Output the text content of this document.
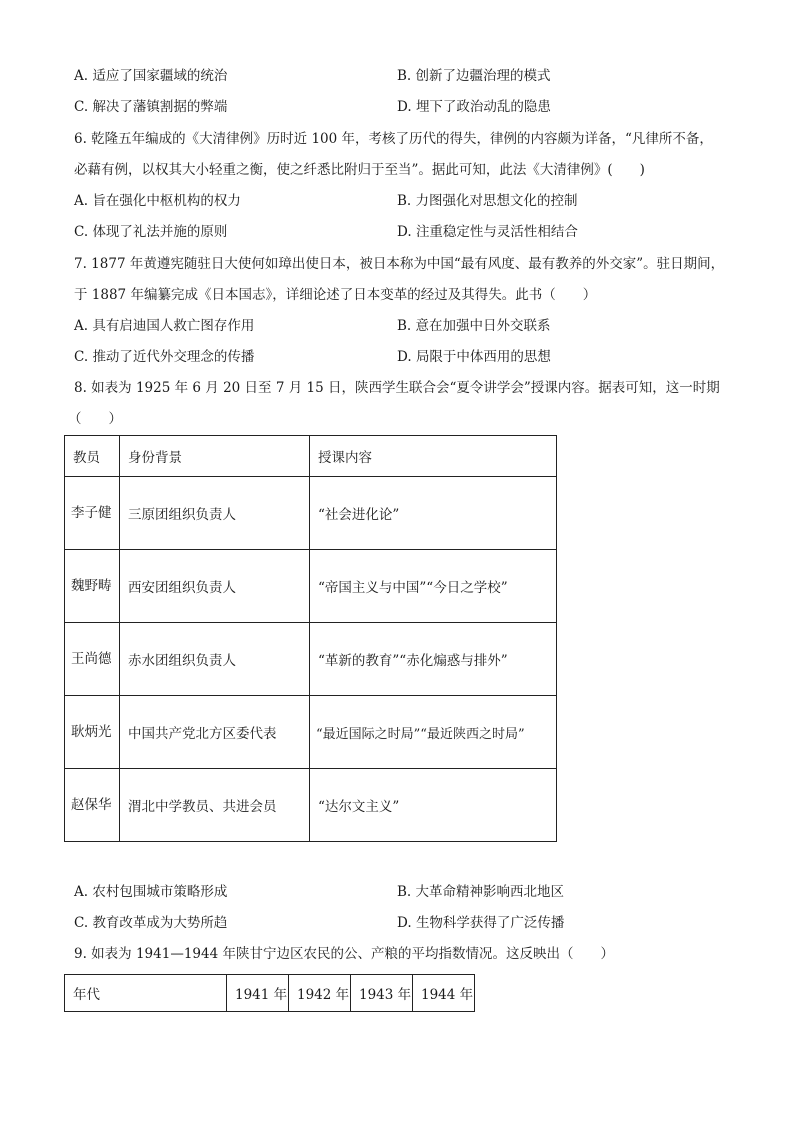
A. 适应了国家疆域的统治	B. 创新了边疆治理的模式
C. 解决了藩镇割据的弊端	D. 埋下了政治动乱的隐患
6. 乾隆五年编成的《大清律例》历时近 100 年，考核了历代的得失，律例的内容颇为详备，“凡律所不备，
必藉有例，以权其大小轻重之衡，使之纤悉比附归于至当”。据此可知，此法《大清律例》(　　)
A. 旨在强化中枢机构的权力	B. 力图强化对思想文化的控制
C. 体现了礼法并施的原则	D. 注重稳定性与灵活性相结合
7. 1877 年黄遵宪随驻日大使何如璋出使日本，被日本称为中国“最有风度、最有教养的外交家”。驻日期间，
于 1887 年编纂完成《日本国志》，详细论述了日本变革的经过及其得失。此书（　　）
A. 具有启迪国人救亡图存作用	B. 意在加强中日外交联系
C. 推动了近代外交理念的传播	D. 局限于中体西用的思想
8. 如表为 1925 年 6 月 20 日至 7 月 15 日，陕西学生联合会“夏令讲学会”授课内容。据表可知，这一时期
（　　）
教员	身份背景	授课内容
李子健	三原团组织负责人	“社会进化论”
魏野畴	西安团组织负责人	“帝国主义与中国”“今日之学校”
王尚德	赤水团组织负责人	“革新的教育”“赤化煽惑与排外”
耿炳光	中国共产党北方区委代表	“最近国际之时局”“最近陕西之时局”
赵保华	渭北中学教员、共进会员	“达尔文主义”
A. 农村包围城市策略形成	B. 大革命精神影响西北地区
C. 教育改革成为大势所趋	D. 生物科学获得了广泛传播
9. 如表为 1941—1944 年陕甘宁边区农民的公、产粮的平均指数情况。这反映出（　　）
年代	1941 年	1942 年	1943 年	1944 年
